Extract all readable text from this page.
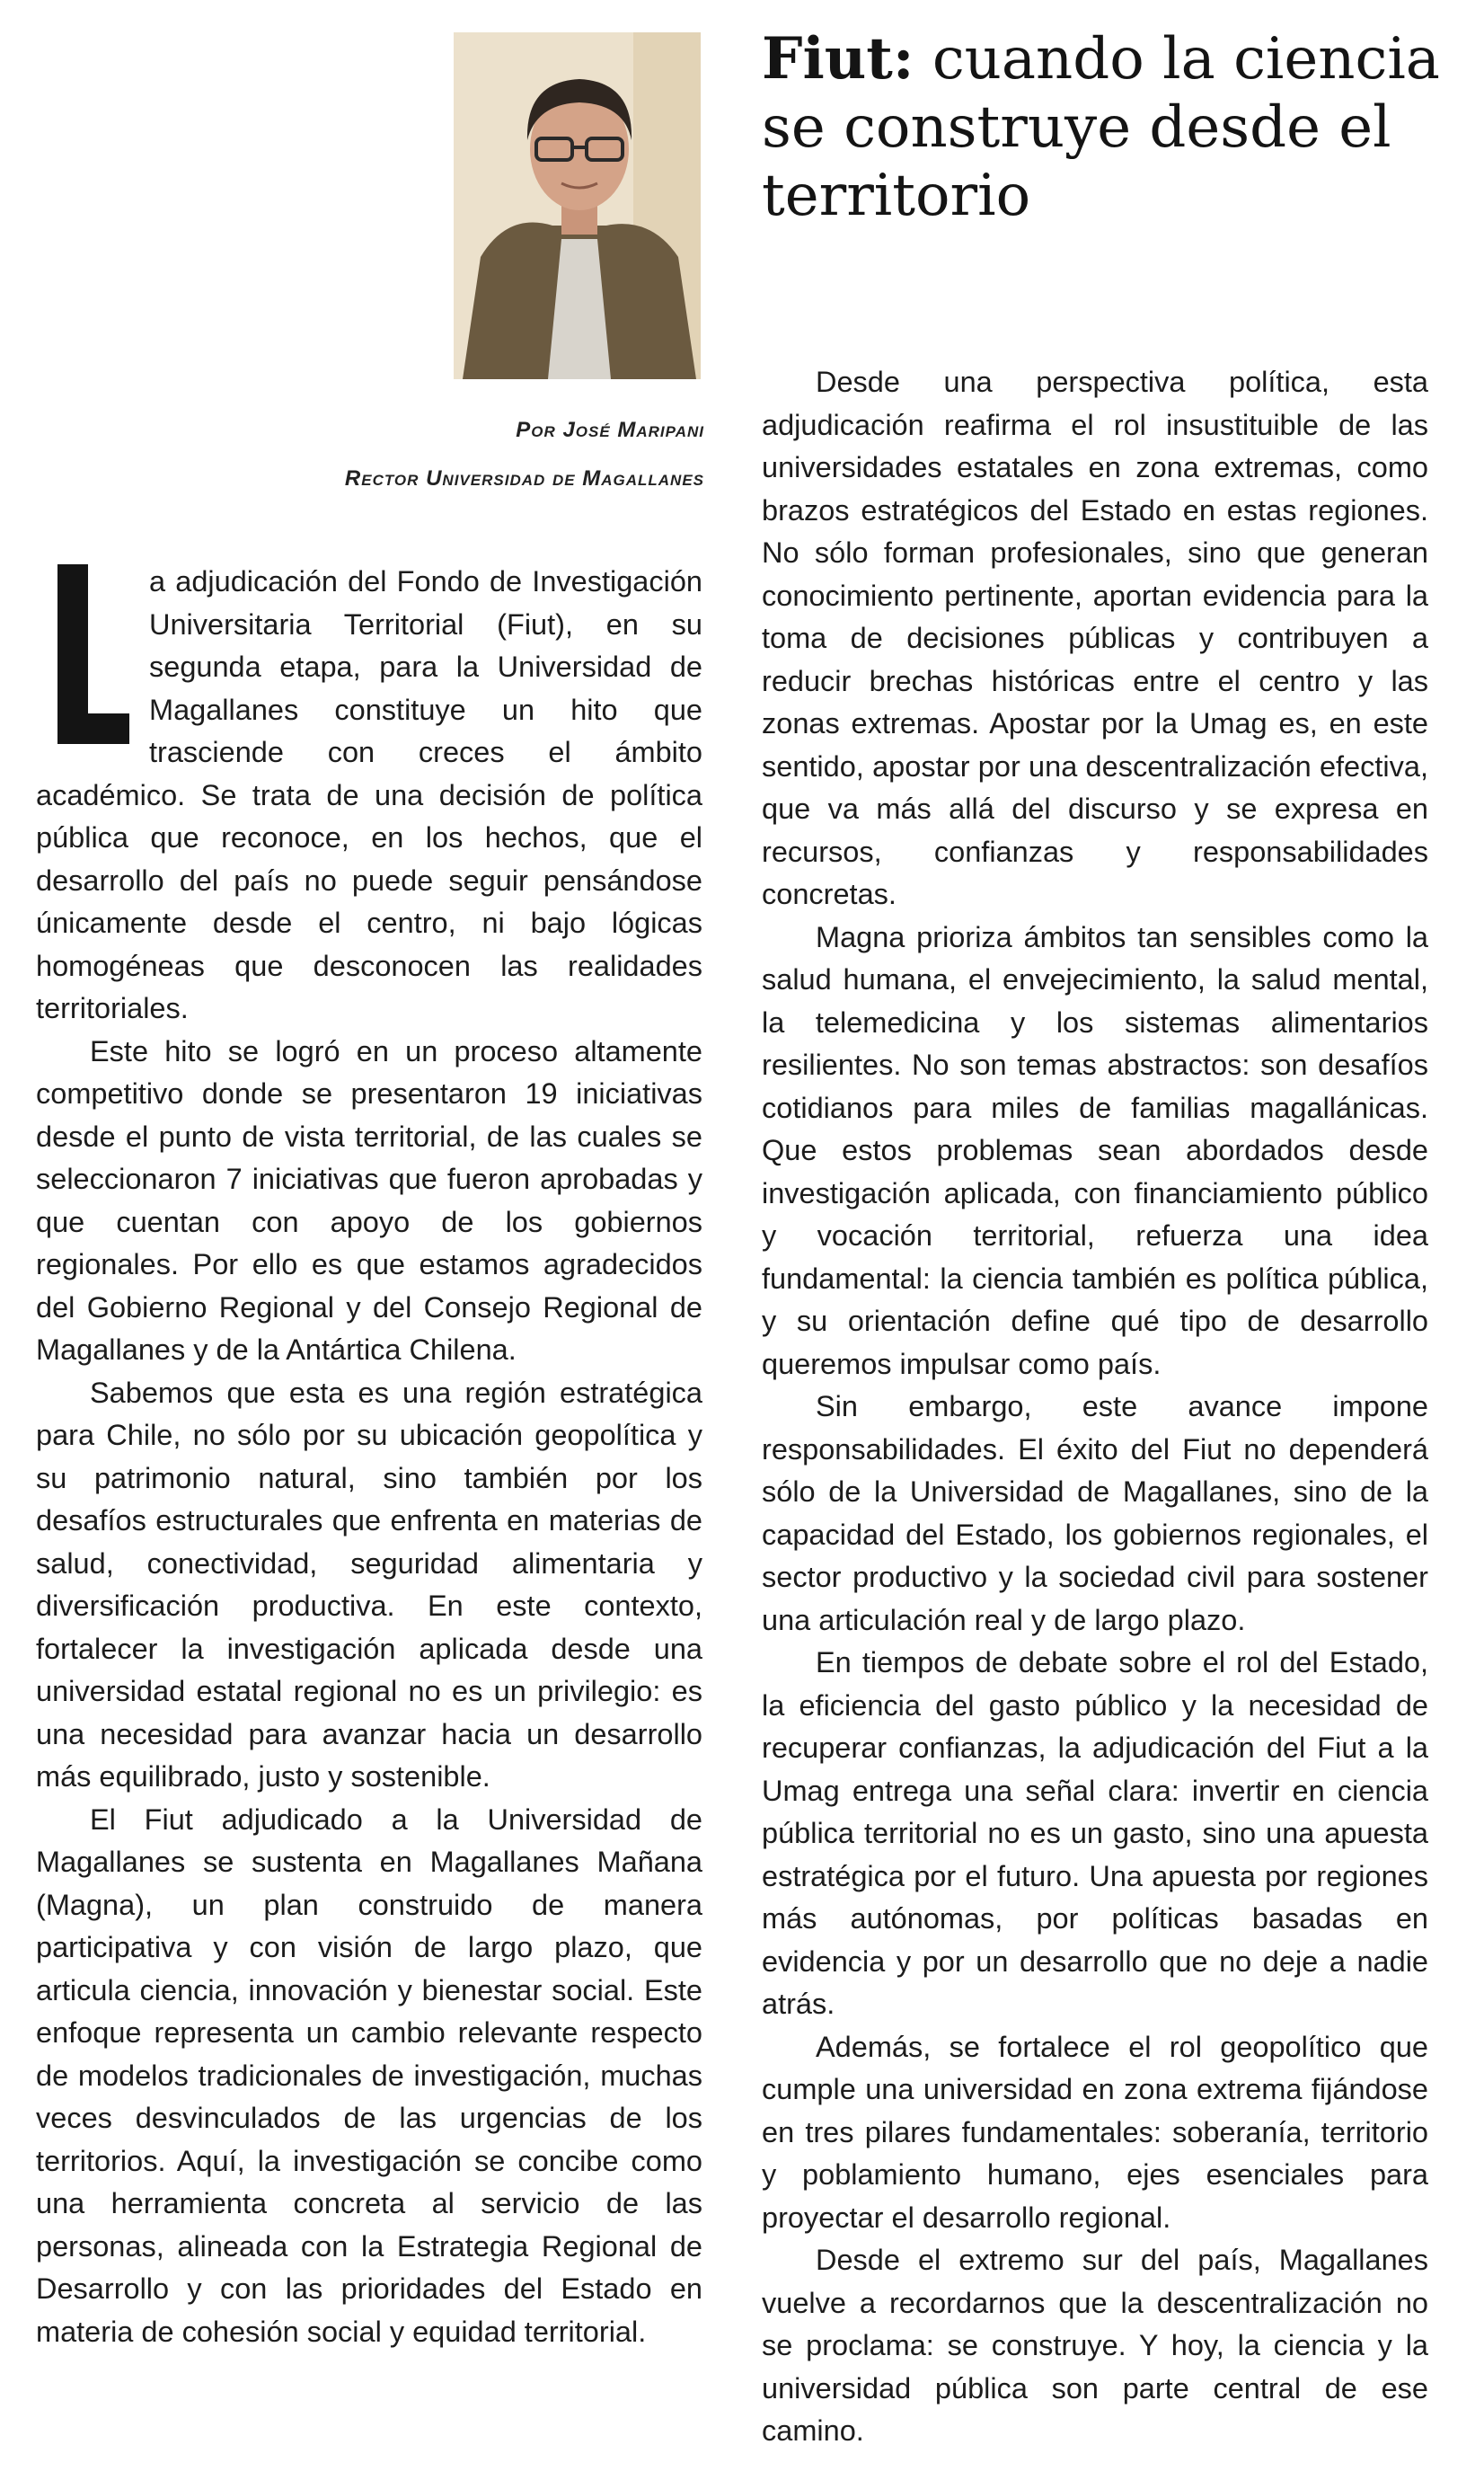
Por José Maripani
Rector Universidad de Magallanes
Fiut: cuando la ciencia se construye desde el territorio

a adjudicación del Fondo de Investigación Universitaria Territorial (Fiut), en su segunda etapa, para la Universidad de Magallanes constituye un hito que trasciende con creces el ámbito académico. Se trata de una decisión de política pública que reconoce, en los hechos, que el desarrollo del país no puede seguir pensándose únicamente desde el centro, ni bajo lógicas homogéneas que desconocen las realidades territoriales.

Este hito se logró en un proceso altamente competitivo donde se presentaron 19 iniciativas desde el punto de vista territorial, de las cuales se seleccionaron 7 iniciativas que fueron aprobadas y que cuentan con apoyo de los gobiernos regionales. Por ello es que estamos agradecidos del Gobierno Regional y del Consejo Regional de Magallanes y de la Antártica Chilena.

Sabemos que esta es una región estratégica para Chile, no sólo por su ubicación geopolítica y su patrimonio natural, sino también por los desafíos estructurales que enfrenta en materias de salud, conectividad, seguridad alimentaria y diversificación productiva. En este contexto, fortalecer la investigación aplicada desde una universidad estatal regional no es un privilegio: es una necesidad para avanzar hacia un desarrollo más equilibrado, justo y sostenible.

El Fiut adjudicado a la Universidad de Magallanes se sustenta en Magallanes Mañana (Magna), un plan construido de manera participativa y con visión de largo plazo, que articula ciencia, innovación y bienestar social. Este enfoque representa un cambio relevante respecto de modelos tradicionales de investigación, muchas veces desvinculados de las urgencias de los territorios. Aquí, la investigación se concibe como una herramienta concreta al servicio de las personas, alineada con la Estrategia Regional de Desarrollo y con las prioridades del Estado en materia de cohesión social y equidad territorial.

Desde una perspectiva política, esta adjudicación reafirma el rol insustituible de las universidades estatales en zona extremas, como brazos estratégicos del Estado en estas regiones. No sólo forman profesionales, sino que generan conocimiento pertinente, aportan evidencia para la toma de decisiones públicas y contribuyen a reducir brechas históricas entre el centro y las zonas extremas. Apostar por la Umag es, en este sentido, apostar por una descentralización efectiva, que va más allá del discurso y se expresa en recursos, confianzas y responsabilidades concretas.

Magna prioriza ámbitos tan sensibles como la salud humana, el envejecimiento, la salud mental, la telemedicina y los sistemas alimentarios resilientes. No son temas abstractos: son desafíos cotidianos para miles de familias magallánicas. Que estos problemas sean abordados desde investigación aplicada, con financiamiento público y vocación territorial, refuerza una idea fundamental: la ciencia también es política pública, y su orientación define qué tipo de desarrollo queremos impulsar como país.

Sin embargo, este avance impone responsabilidades. El éxito del Fiut no dependerá sólo de la Universidad de Magallanes, sino de la capacidad del Estado, los gobiernos regionales, el sector productivo y la sociedad civil para sostener una articulación real y de largo plazo.

En tiempos de debate sobre el rol del Estado, la eficiencia del gasto público y la necesidad de recuperar confianzas, la adjudicación del Fiut a la Umag entrega una señal clara: invertir en ciencia pública territorial no es un gasto, sino una apuesta estratégica por el futuro. Una apuesta por regiones más autónomas, por políticas basadas en evidencia y por un desarrollo que no deje a nadie atrás.

Además, se fortalece el rol geopolítico que cumple una universidad en zona extrema fijándose en tres pilares fundamentales: soberanía, territorio y poblamiento humano, ejes esenciales para proyectar el desarrollo regional.

Desde el extremo sur del país, Magallanes vuelve a recordarnos que la descentralización no se proclama: se construye. Y hoy, la ciencia y la universidad pública son parte central de ese camino.
